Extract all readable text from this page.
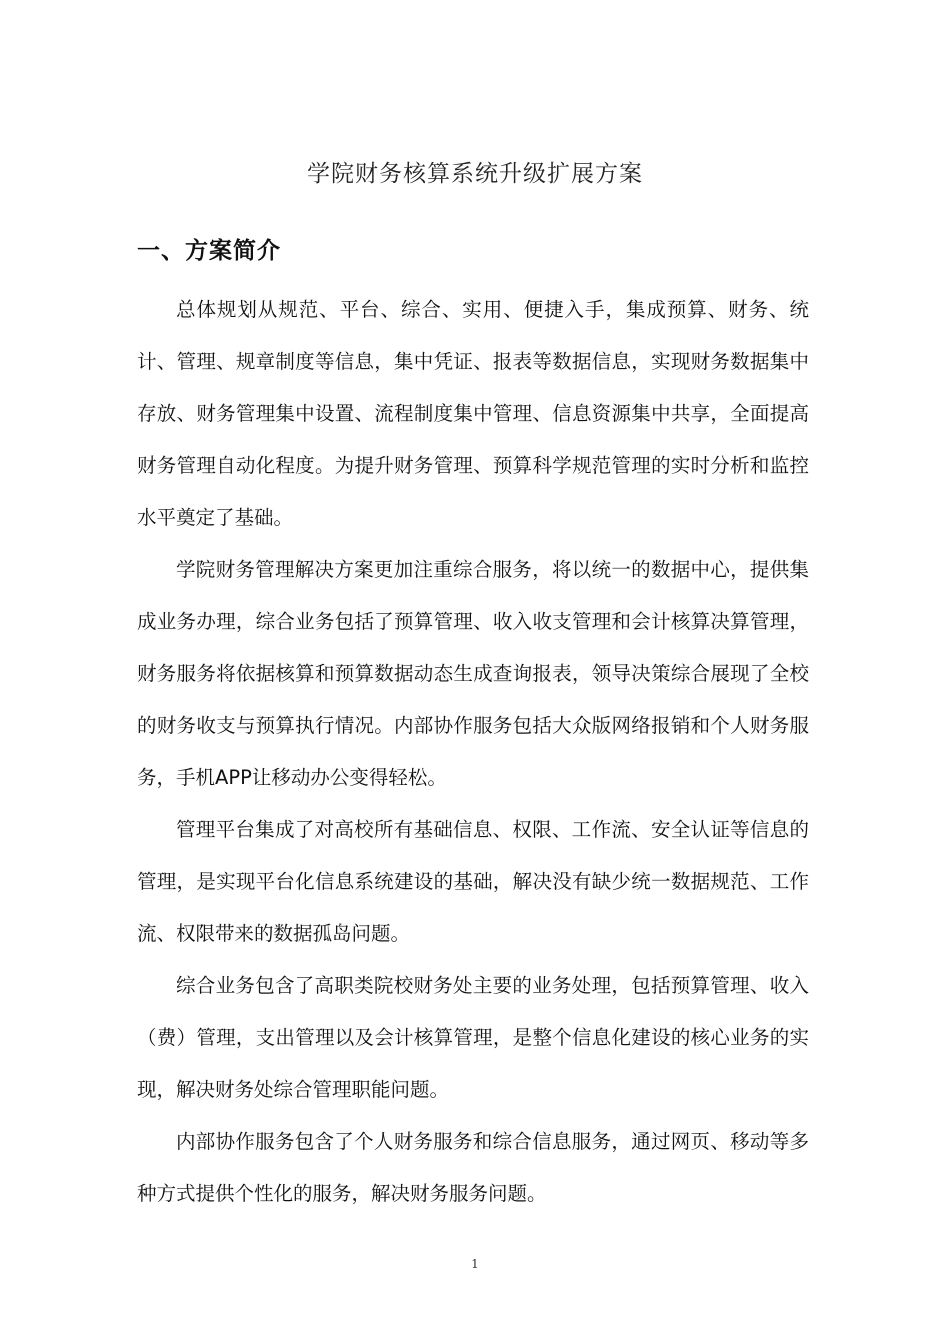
学院财务核算系统升级扩展方案
一、方案简介

总体规划从规范、平台、综合、实用、便捷入手，集成预算、财务、统计、管理、规章制度等信息，集中凭证、报表等数据信息，实现财务数据集中存放、财务管理集中设置、流程制度集中管理、信息资源集中共享，全面提高财务管理自动化程度。为提升财务管理、预算科学规范管理的实时分析和监控水平奠定了基础。

学院财务管理解决方案更加注重综合服务，将以统一的数据中心，提供集成业务办理，综合业务包括了预算管理、收入收支管理和会计核算决算管理，财务服务将依据核算和预算数据动态生成查询报表，领导决策综合展现了全校的财务收支与预算执行情况。内部协作服务包括大众版网络报销和个人财务服务，手机APP让移动办公变得轻松。

管理平台集成了对高校所有基础信息、权限、工作流、安全认证等信息的管理，是实现平台化信息系统建设的基础，解决没有缺少统一数据规范、工作流、权限带来的数据孤岛问题。

综合业务包含了高职类院校财务处主要的业务处理，包括预算管理、收入（费）管理，支出管理以及会计核算管理，是整个信息化建设的核心业务的实现，解决财务处综合管理职能问题。

内部协作服务包含了个人财务服务和综合信息服务，通过网页、移动等多种方式提供个性化的服务，解决财务服务问题。

1
